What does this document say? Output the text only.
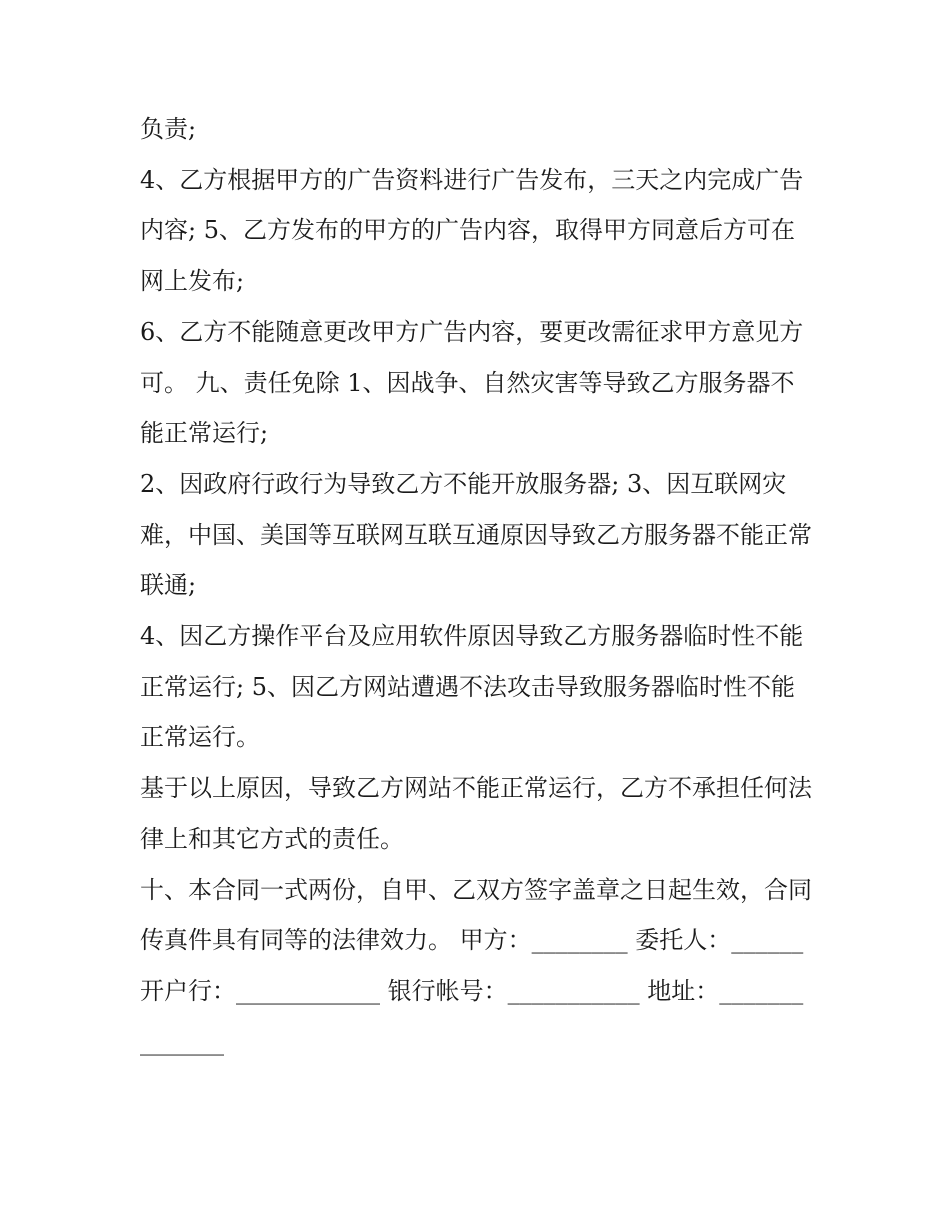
负责;

4、乙方根据甲方的广告资料进行广告发布，三天之内完成广告内容; 5、乙方发布的甲方的广告内容，取得甲方同意后方可在网上发布;

6、乙方不能随意更改甲方广告内容，要更改需征求甲方意见方可。 九、责任免除 1、因战争、自然灾害等导致乙方服务器不能正常运行;

2、因政府行政行为导致乙方不能开放服务器; 3、因互联网灾难，中国、美国等互联网互联互通原因导致乙方服务器不能正常联通;

4、因乙方操作平台及应用软件原因导致乙方服务器临时性不能正常运行; 5、因乙方网站遭遇不法攻击导致服务器临时性不能正常运行。

基于以上原因，导致乙方网站不能正常运行，乙方不承担任何法律上和其它方式的责任。

十、本合同一式两份，自甲、乙双方签字盖章之日起生效，合同传真件具有同等的法律效力。 甲方：________ 委托人：______

开户行：____________ 银行帐号：___________ 地址：______________
